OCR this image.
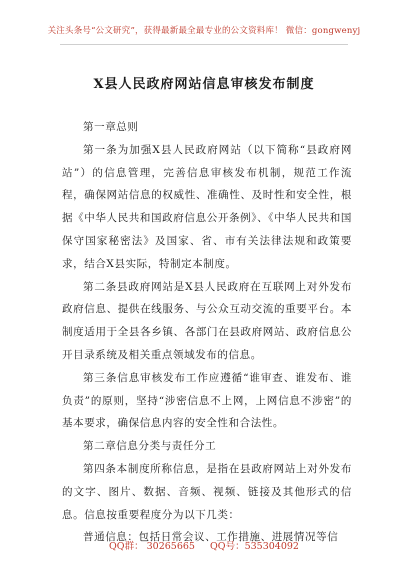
关注头条号“公文研究”，获得最新最全最专业的公文资料库！ 微信：gongwenyj
X县人民政府网站信息审核发布制度

第一章总则

第一条为加强X县人民政府网站（以下简称“县政府网站”）的信息管理，完善信息审核发布机制，规范工作流程，确保网站信息的权威性、准确性、及时性和安全性，根据《中华人民共和国政府信息公开条例》、《中华人民共和国保守国家秘密法》及国家、省、市有关法律法规和政策要求，结合X县实际，特制定本制度。

第二条县政府网站是X县人民政府在互联网上对外发布政府信息、提供在线服务、与公众互动交流的重要平台。本制度适用于全县各乡镇、各部门在县政府网站、政府信息公开目录系统及相关重点领域发布的信息。

第三条信息审核发布工作应遵循“谁审查、谁发布、谁负责”的原则，坚持“涉密信息不上网，上网信息不涉密”的基本要求，确保信息内容的安全性和合法性。

第二章信息分类与责任分工

第四条本制度所称信息，是指在县政府网站上对外发布的文字、图片、数据、音频、视频、链接及其他形式的信息。信息按重要程度分为以下几类：

普通信息：包括日常会议、工作措施、进展情况等信

QQ群： 30265665 QQ号：535304092
